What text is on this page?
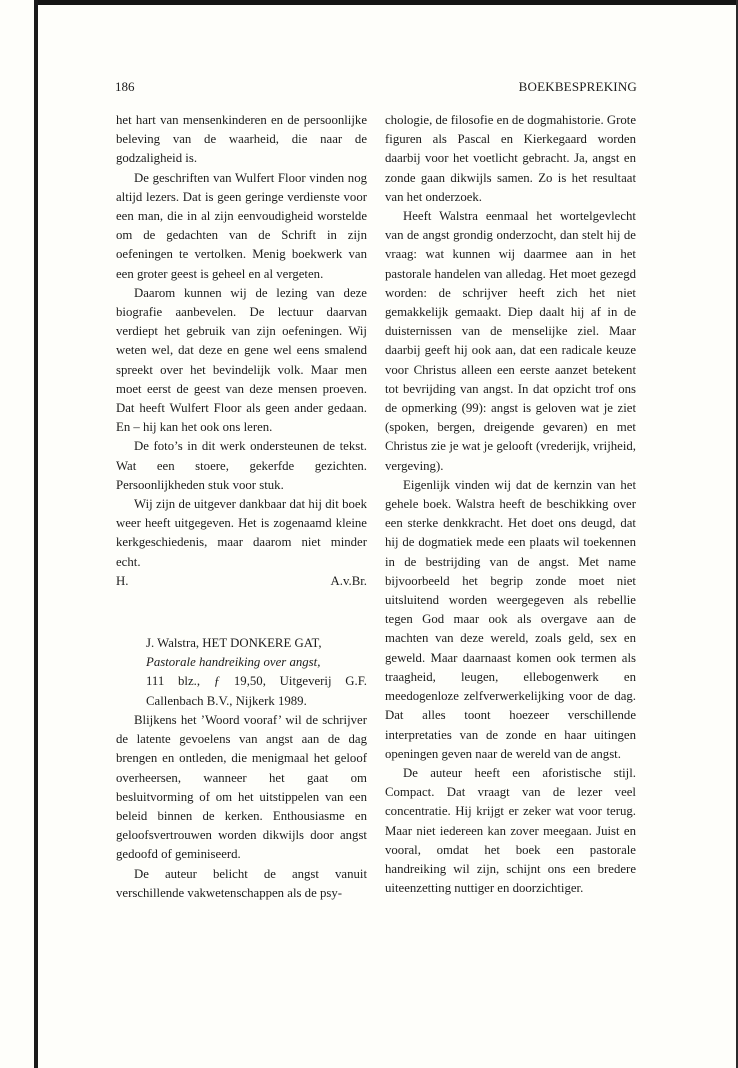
186	BOEKBESPREKING

het hart van mensenkinderen en de persoonlijke beleving van de waarheid, die naar de godzaligheid is.

De geschriften van Wulfert Floor vinden nog altijd lezers. Dat is geen geringe verdienste voor een man, die in al zijn eenvoudigheid worstelde om de gedachten van de Schrift in zijn oefeningen te vertolken. Menig boekwerk van een groter geest is geheel en al vergeten.

Daarom kunnen wij de lezing van deze biografie aanbevelen. De lectuur daarvan verdiept het gebruik van zijn oefeningen. Wij weten wel, dat deze en gene wel eens smalend spreekt over het bevindelijk volk. Maar men moet eerst de geest van deze mensen proeven. Dat heeft Wulfert Floor als geen ander gedaan. En – hij kan het ook ons leren.

De foto’s in dit werk ondersteunen de tekst. Wat een stoere, gekerfde gezichten. Persoonlijkheden stuk voor stuk.

Wij zijn de uitgever dankbaar dat hij dit boek weer heeft uitgegeven. Het is zogenaamd kleine kerkgeschiedenis, maar daarom niet minder echt.

H.	A.v.Br.

J. Walstra, HET DONKERE GAT,

Pastorale handreiking over angst,

111 blz., ƒ 19,50, Uitgeverij G.F. Callenbach B.V., Nijkerk 1989.

Blijkens het ’Woord vooraf’ wil de schrijver de latente gevoelens van angst aan de dag brengen en ontleden, die menigmaal het geloof overheersen, wanneer het gaat om besluitvorming of om het uitstippelen van een beleid binnen de kerken. Enthousiasme en geloofsvertrouwen worden dikwijls door angst gedoofd of geminiseerd.

De auteur belicht de angst vanuit verschillende vakwetenschappen als de psy-

chologie, de filosofie en de dogmahistorie. Grote figuren als Pascal en Kierkegaard worden daarbij voor het voetlicht gebracht. Ja, angst en zonde gaan dikwijls samen. Zo is het resultaat van het onderzoek.

Heeft Walstra eenmaal het wortelgevlecht van de angst grondig onderzocht, dan stelt hij de vraag: wat kunnen wij daarmee aan in het pastorale handelen van alledag. Het moet gezegd worden: de schrijver heeft zich het niet gemakkelijk gemaakt. Diep daalt hij af in de duisternissen van de menselijke ziel. Maar daarbij geeft hij ook aan, dat een radicale keuze voor Christus alleen een eerste aanzet betekent tot bevrijding van angst. In dat opzicht trof ons de opmerking (99): angst is geloven wat je ziet (spoken, bergen, dreigende gevaren) en met Christus zie je wat je gelooft (vrederijk, vrijheid, vergeving).

Eigenlijk vinden wij dat de kernzin van het gehele boek. Walstra heeft de beschikking over een sterke denkkracht. Het doet ons deugd, dat hij de dogmatiek mede een plaats wil toekennen in de bestrijding van de angst. Met name bijvoorbeeld het begrip zonde moet niet uitsluitend worden weergegeven als rebellie tegen God maar ook als overgave aan de machten van deze wereld, zoals geld, sex en geweld. Maar daarnaast komen ook termen als traagheid, leugen, ellebogenwerk en meedogenloze zelfverwerkelijking voor de dag. Dat alles toont hoezeer verschillende interpretaties van de zonde en haar uitingen openingen geven naar de wereld van de angst.

De auteur heeft een aforistische stijl. Compact. Dat vraagt van de lezer veel concentratie. Hij krijgt er zeker wat voor terug. Maar niet iedereen kan zover meegaan. Juist en vooral, omdat het boek een pastorale handreiking wil zijn, schijnt ons een bredere uiteenzetting nuttiger en doorzichtiger.
